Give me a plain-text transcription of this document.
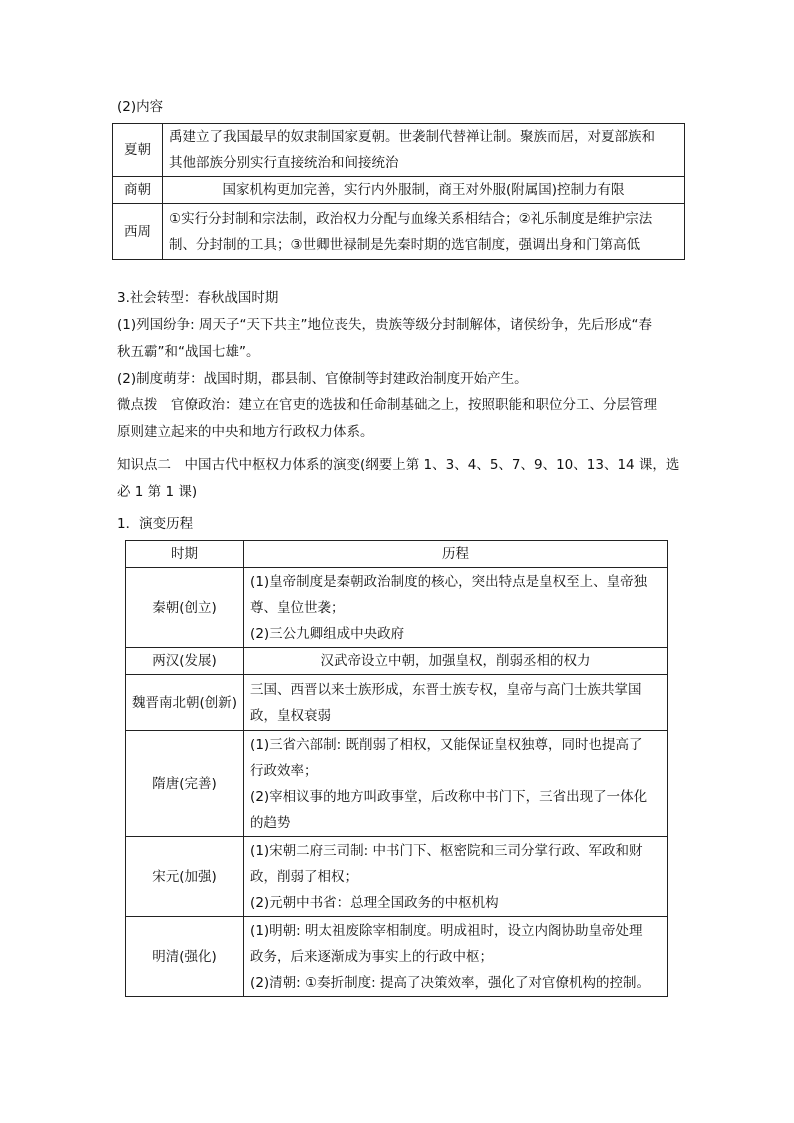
(2)内容

夏朝	禹建立了我国最早的奴隶制国家夏朝。世袭制代替禅让制。聚族而居，对夏部族和
其他部族分别实行直接统治和间接统治

商朝	国家机构更加完善，实行内外服制，商王对外服(附属国)控制力有限

西周	①实行分封制和宗法制，政治权力分配与血缘关系相结合；②礼乐制度是维护宗法
制、分封制的工具；③世卿世禄制是先秦时期的选官制度，强调出身和门第高低

3.社会转型：春秋战国时期

(1)列国纷争: 周天子“天下共主”地位丧失，贵族等级分封制解体，诸侯纷争，先后形成“春
秋五霸”和“战国七雄”。

(2)制度萌芽：战国时期，郡县制、官僚制等封建政治制度开始产生。

微点拨　官僚政治：建立在官吏的选拔和任命制基础之上，按照职能和职位分工、分层管理
原则建立起来的中央和地方行政权力体系。

知识点二　中国古代中枢权力体系的演变(纲要上第 1、3、4、5、7、9、10、13、14 课，选
必 1 第 1 课)

1．演变历程

时期	历程
秦朝(创立)	(1)皇帝制度是秦朝政治制度的核心，突出特点是皇权至上、皇帝独
尊、皇位世袭；
(2)三公九卿组成中央政府

两汉(发展)	汉武帝设立中朝，加强皇权，削弱丞相的权力

魏晋南北朝(创新)	三国、西晋以来士族形成，东晋士族专权，皇帝与高门士族共掌国
政，皇权衰弱

隋唐(完善)	(1)三省六部制: 既削弱了相权，又能保证皇权独尊，同时也提高了
行政效率；
(2)宰相议事的地方叫政事堂，后改称中书门下，三省出现了一体化
的趋势

宋元(加强)	(1)宋朝二府三司制: 中书门下、枢密院和三司分掌行政、军政和财
政，削弱了相权；
(2)元朝中书省：总理全国政务的中枢机构

明清(强化)	(1)明朝: 明太祖废除宰相制度。明成祖时，设立内阁协助皇帝处理
政务，后来逐渐成为事实上的行政中枢；
(2)清朝: ①奏折制度: 提高了决策效率，强化了对官僚机构的控制。
